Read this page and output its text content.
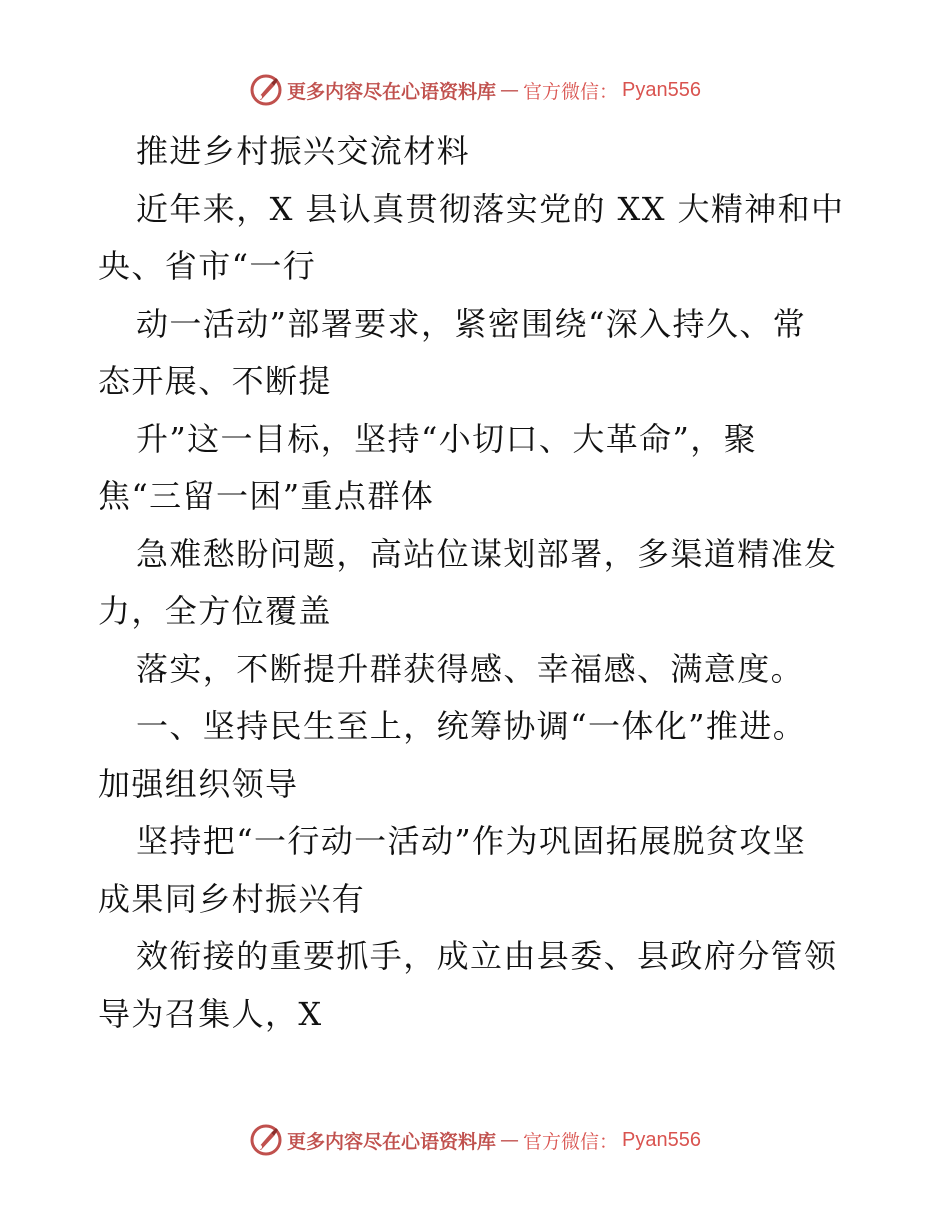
更多内容尽在心语资料库 — 官方微信： Pyan556
推进乡村振兴交流材料
近年来，X 县认真贯彻落实党的 XX 大精神和中
央、省市“一行
动一活动”部署要求，紧密围绕“深入持久、常
态开展、不断提
升”这一目标，坚持“小切口、大革命”，聚
焦“三留一困”重点群体
急难愁盼问题，高站位谋划部署，多渠道精准发
力，全方位覆盖
落实，不断提升群获得感、幸福感、满意度。
一、坚持民生至上，统筹协调“一体化”推进。
加强组织领导
坚持把“一行动一活动”作为巩固拓展脱贫攻坚
成果同乡村振兴有
效衔接的重要抓手，成立由县委、县政府分管领
导为召集人，X
更多内容尽在心语资料库 — 官方微信： Pyan556
